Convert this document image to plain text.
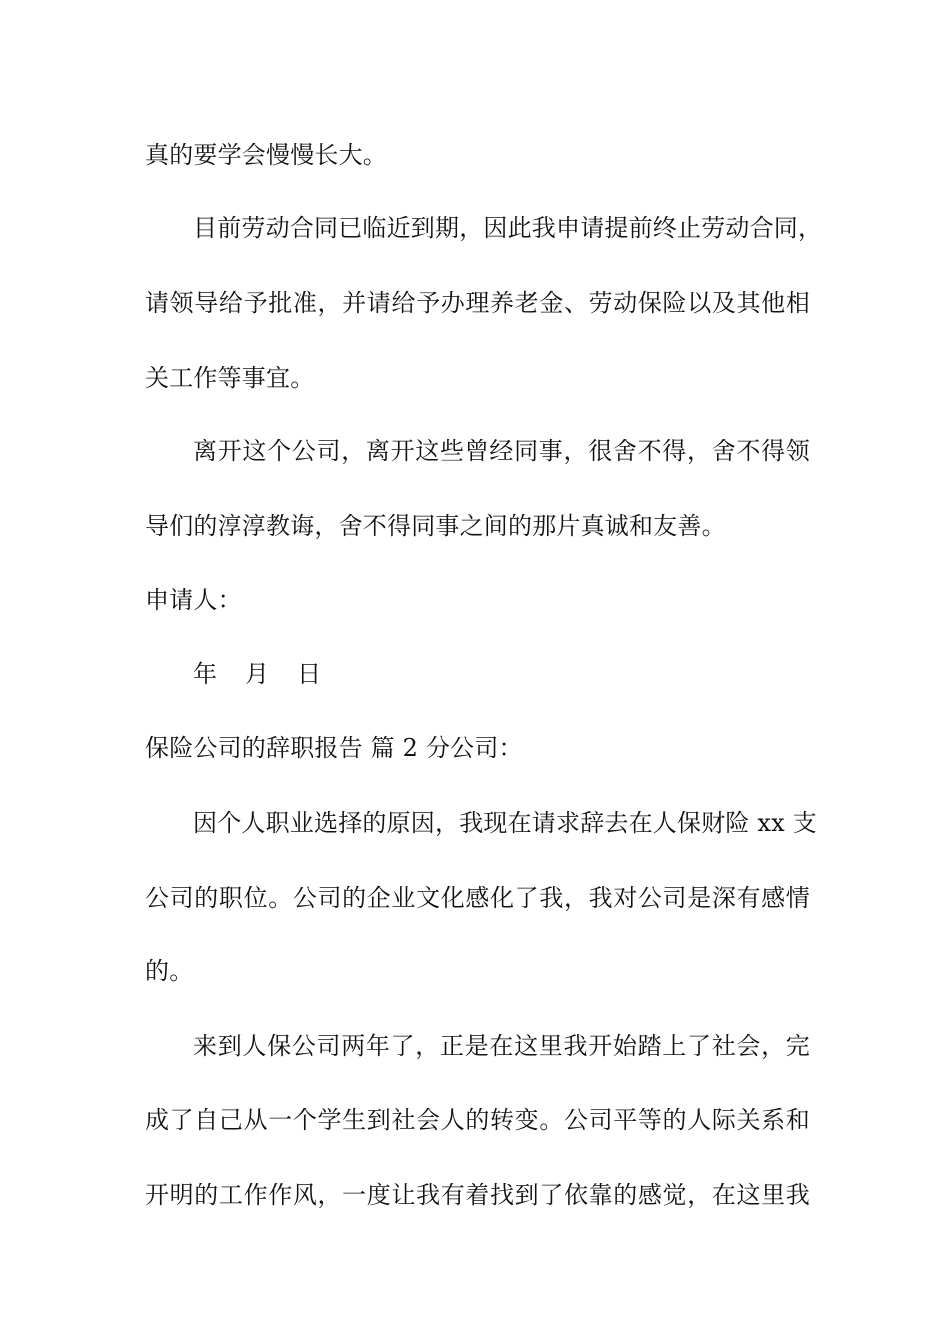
真的要学会慢慢长大。
目前劳动合同已临近到期，因此我申请提前终止劳动合同，
请领导给予批准，并请给予办理养老金、劳动保险以及其他相
关工作等事宜。
离开这个公司，离开这些曾经同事，很舍不得，舍不得领
导们的淳淳教诲，舍不得同事之间的那片真诚和友善。
申请人：
年 月 日
保险公司的辞职报告 篇 2 分公司：
因个人职业选择的原因，我现在请求辞去在人保财险 xx 支
公司的职位。公司的企业文化感化了我，我对公司是深有感情
的。
来到人保公司两年了，正是在这里我开始踏上了社会，完
成了自己从一个学生到社会人的转变。公司平等的人际关系和
开明的工作作风，一度让我有着找到了依靠的感觉，在这里我
